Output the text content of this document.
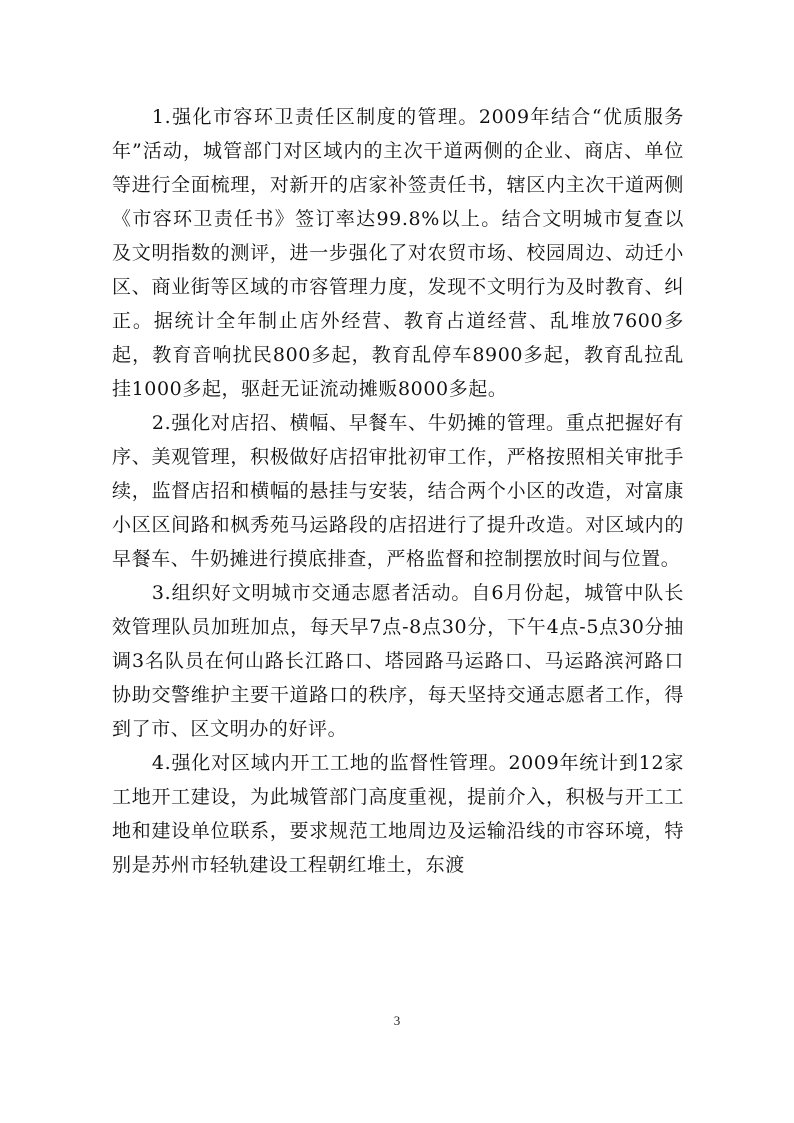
1.强化市容环卫责任区制度的管理。2009年结合“优质服务年”活动，城管部门对区域内的主次干道两侧的企业、商店、单位等进行全面梳理，对新开的店家补签责任书，辖区内主次干道两侧《市容环卫责任书》签订率达99.8%以上。结合文明城市复查以及文明指数的测评，进一步强化了对农贸市场、校园周边、动迁小区、商业街等区域的市容管理力度，发现不文明行为及时教育、纠正。据统计全年制止店外经营、教育占道经营、乱堆放7600多起，教育音响扰民800多起，教育乱停车8900多起，教育乱拉乱挂1000多起，驱赶无证流动摊贩8000多起。

2.强化对店招、横幅、早餐车、牛奶摊的管理。重点把握好有序、美观管理，积极做好店招审批初审工作，严格按照相关审批手续，监督店招和横幅的悬挂与安装，结合两个小区的改造，对富康小区区间路和枫秀苑马运路段的店招进行了提升改造。对区域内的早餐车、牛奶摊进行摸底排查，严格监督和控制摆放时间与位置。

3.组织好文明城市交通志愿者活动。自6月份起，城管中队长效管理队员加班加点，每天早7点-8点30分，下午4点-5点30分抽调3名队员在何山路长江路口、塔园路马运路口、马运路滨河路口协助交警维护主要干道路口的秩序，每天坚持交通志愿者工作，得到了市、区文明办的好评。

4.强化对区域内开工工地的监督性管理。2009年统计到12家工地开工建设，为此城管部门高度重视，提前介入，积极与开工工地和建设单位联系，要求规范工地周边及运输沿线的市容环境，特别是苏州市轻轨建设工程朝红堆土，东渡

3
